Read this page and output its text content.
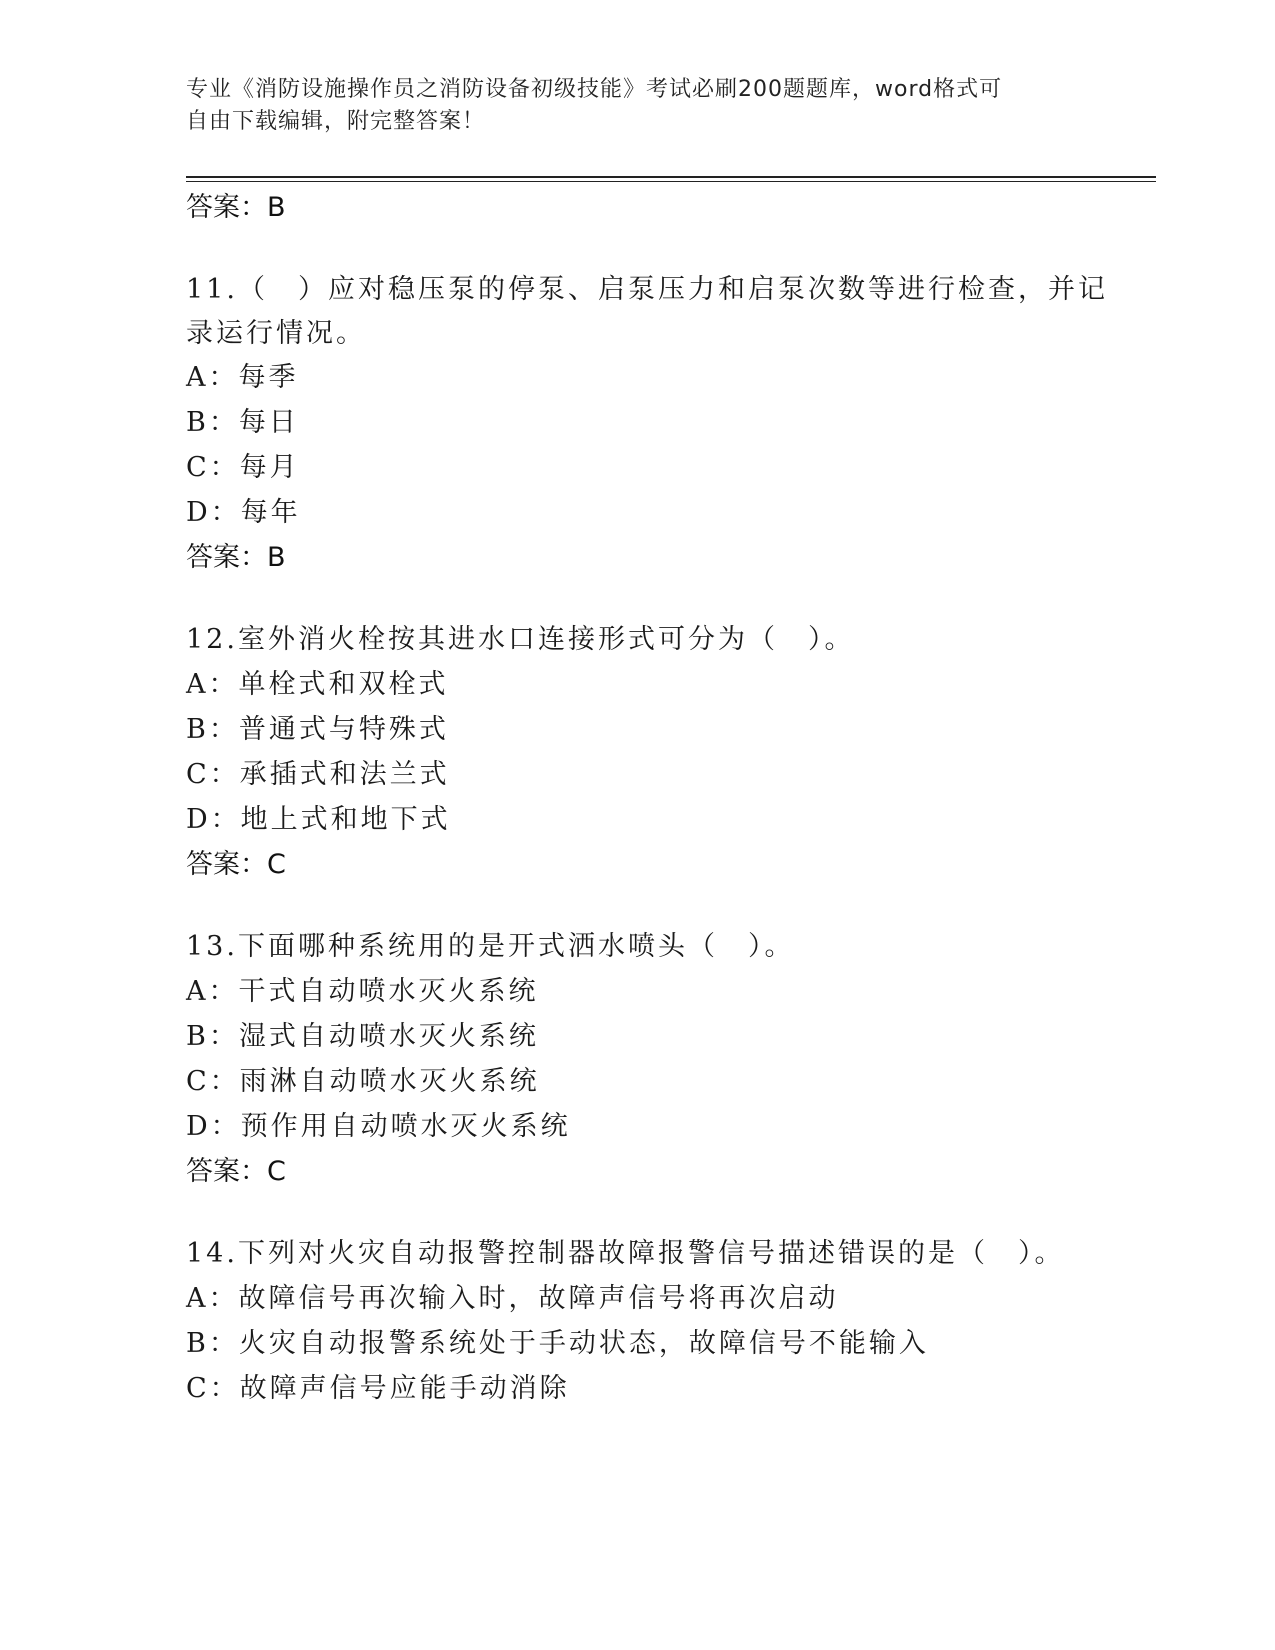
专业《消防设施操作员之消防设备初级技能》考试必刷200题题库，word格式可
自由下载编辑，附完整答案！
答案：B
11.（　）应对稳压泵的停泵、启泵压力和启泵次数等进行检查，并记
录运行情况。
A：每季
B：每日
C：每月
D：每年
答案：B
12.室外消火栓按其进水口连接形式可分为（　）。
A：单栓式和双栓式
B：普通式与特殊式
C：承插式和法兰式
D：地上式和地下式
答案：C
13.下面哪种系统用的是开式洒水喷头（　）。
A：干式自动喷水灭火系统
B：湿式自动喷水灭火系统
C：雨淋自动喷水灭火系统
D：预作用自动喷水灭火系统
答案：C
14.下列对火灾自动报警控制器故障报警信号描述错误的是（　）。
A：故障信号再次输入时，故障声信号将再次启动
B：火灾自动报警系统处于手动状态，故障信号不能输入
C：故障声信号应能手动消除
